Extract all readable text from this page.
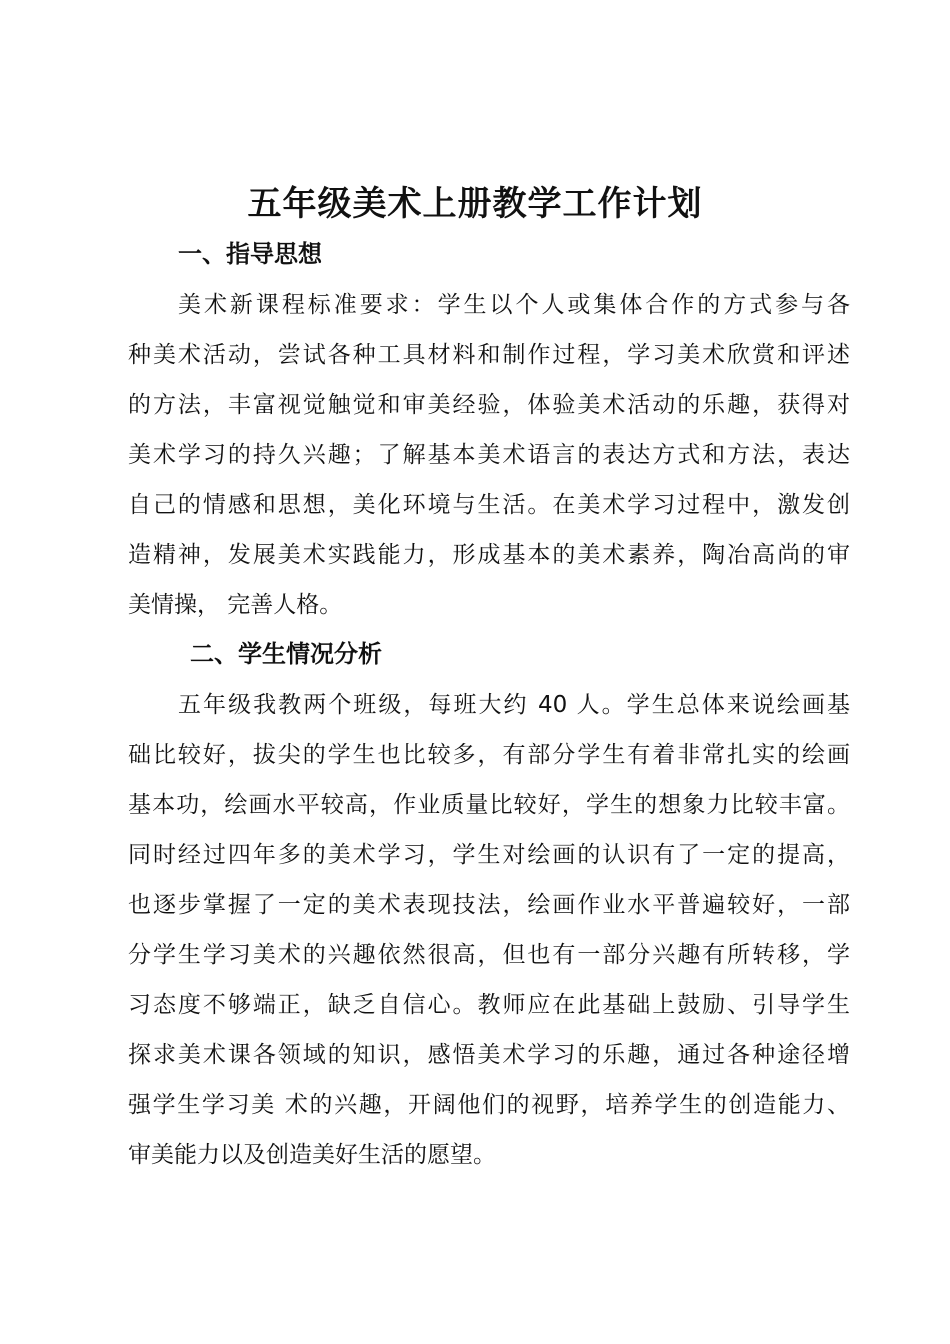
五年级美术上册教学工作计划
一、指导思想
美术新课程标准要求：学生以个人或集体合作的方式参与各
种美术活动，尝试各种工具材料和制作过程，学习美术欣赏和评述
的方法，丰富视觉触觉和审美经验，体验美术活动的乐趣，获得对
美术学习的持久兴趣；了解基本美术语言的表达方式和方法，表达
自己的情感和思想，美化环境与生活。在美术学习过程中，激发创
造精神，发展美术实践能力，形成基本的美术素养，陶冶高尚的审
美情操， 完善人格。
二、学生情况分析
五年级我教两个班级，每班大约 40 人。学生总体来说绘画基
础比较好，拔尖的学生也比较多，有部分学生有着非常扎实的绘画
基本功，绘画水平较高，作业质量比较好，学生的想象力比较丰富。
同时经过四年多的美术学习，学生对绘画的认识有了一定的提高，
也逐步掌握了一定的美术表现技法，绘画作业水平普遍较好，一部
分学生学习美术的兴趣依然很高，但也有一部分兴趣有所转移，学
习态度不够端正，缺乏自信心。教师应在此基础上鼓励、引导学生
探求美术课各领域的知识，感悟美术学习的乐趣，通过各种途径增
强学生学习美 术的兴趣，开阔他们的视野，培养学生的创造能力、
审美能力以及创造美好生活的愿望。
